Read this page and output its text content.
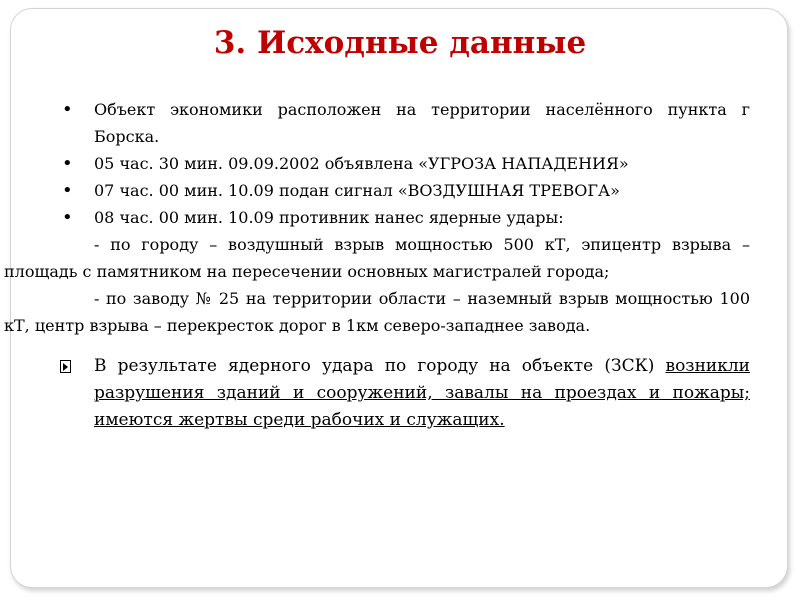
3. Исходные данные
• Объект экономики расположен на территории населённого пункта г Борска.
• 05 час. 30 мин. 09.09.2002 объявлена «УГРОЗА НАПАДЕНИЯ»
• 07 час. 00 мин. 10.09 подан сигнал «ВОЗДУШНАЯ ТРЕВОГА»
• 08 час. 00 мин. 10.09 противник нанес ядерные удары:
- по городу – воздушный взрыв мощностью 500 кТ, эпицентр взрыва – площадь с памятником на пересечении основных магистралей города;
- по заводу № 25 на территории области – наземный взрыв мощностью 100 кТ, центр взрыва – перекресток дорог в 1км северо-западнее завода.
В результате ядерного удара по городу на объекте (ЗСК) возникли разрушения зданий и сооружений, завалы на проездах и пожары; имеются жертвы среди рабочих и служащих.
